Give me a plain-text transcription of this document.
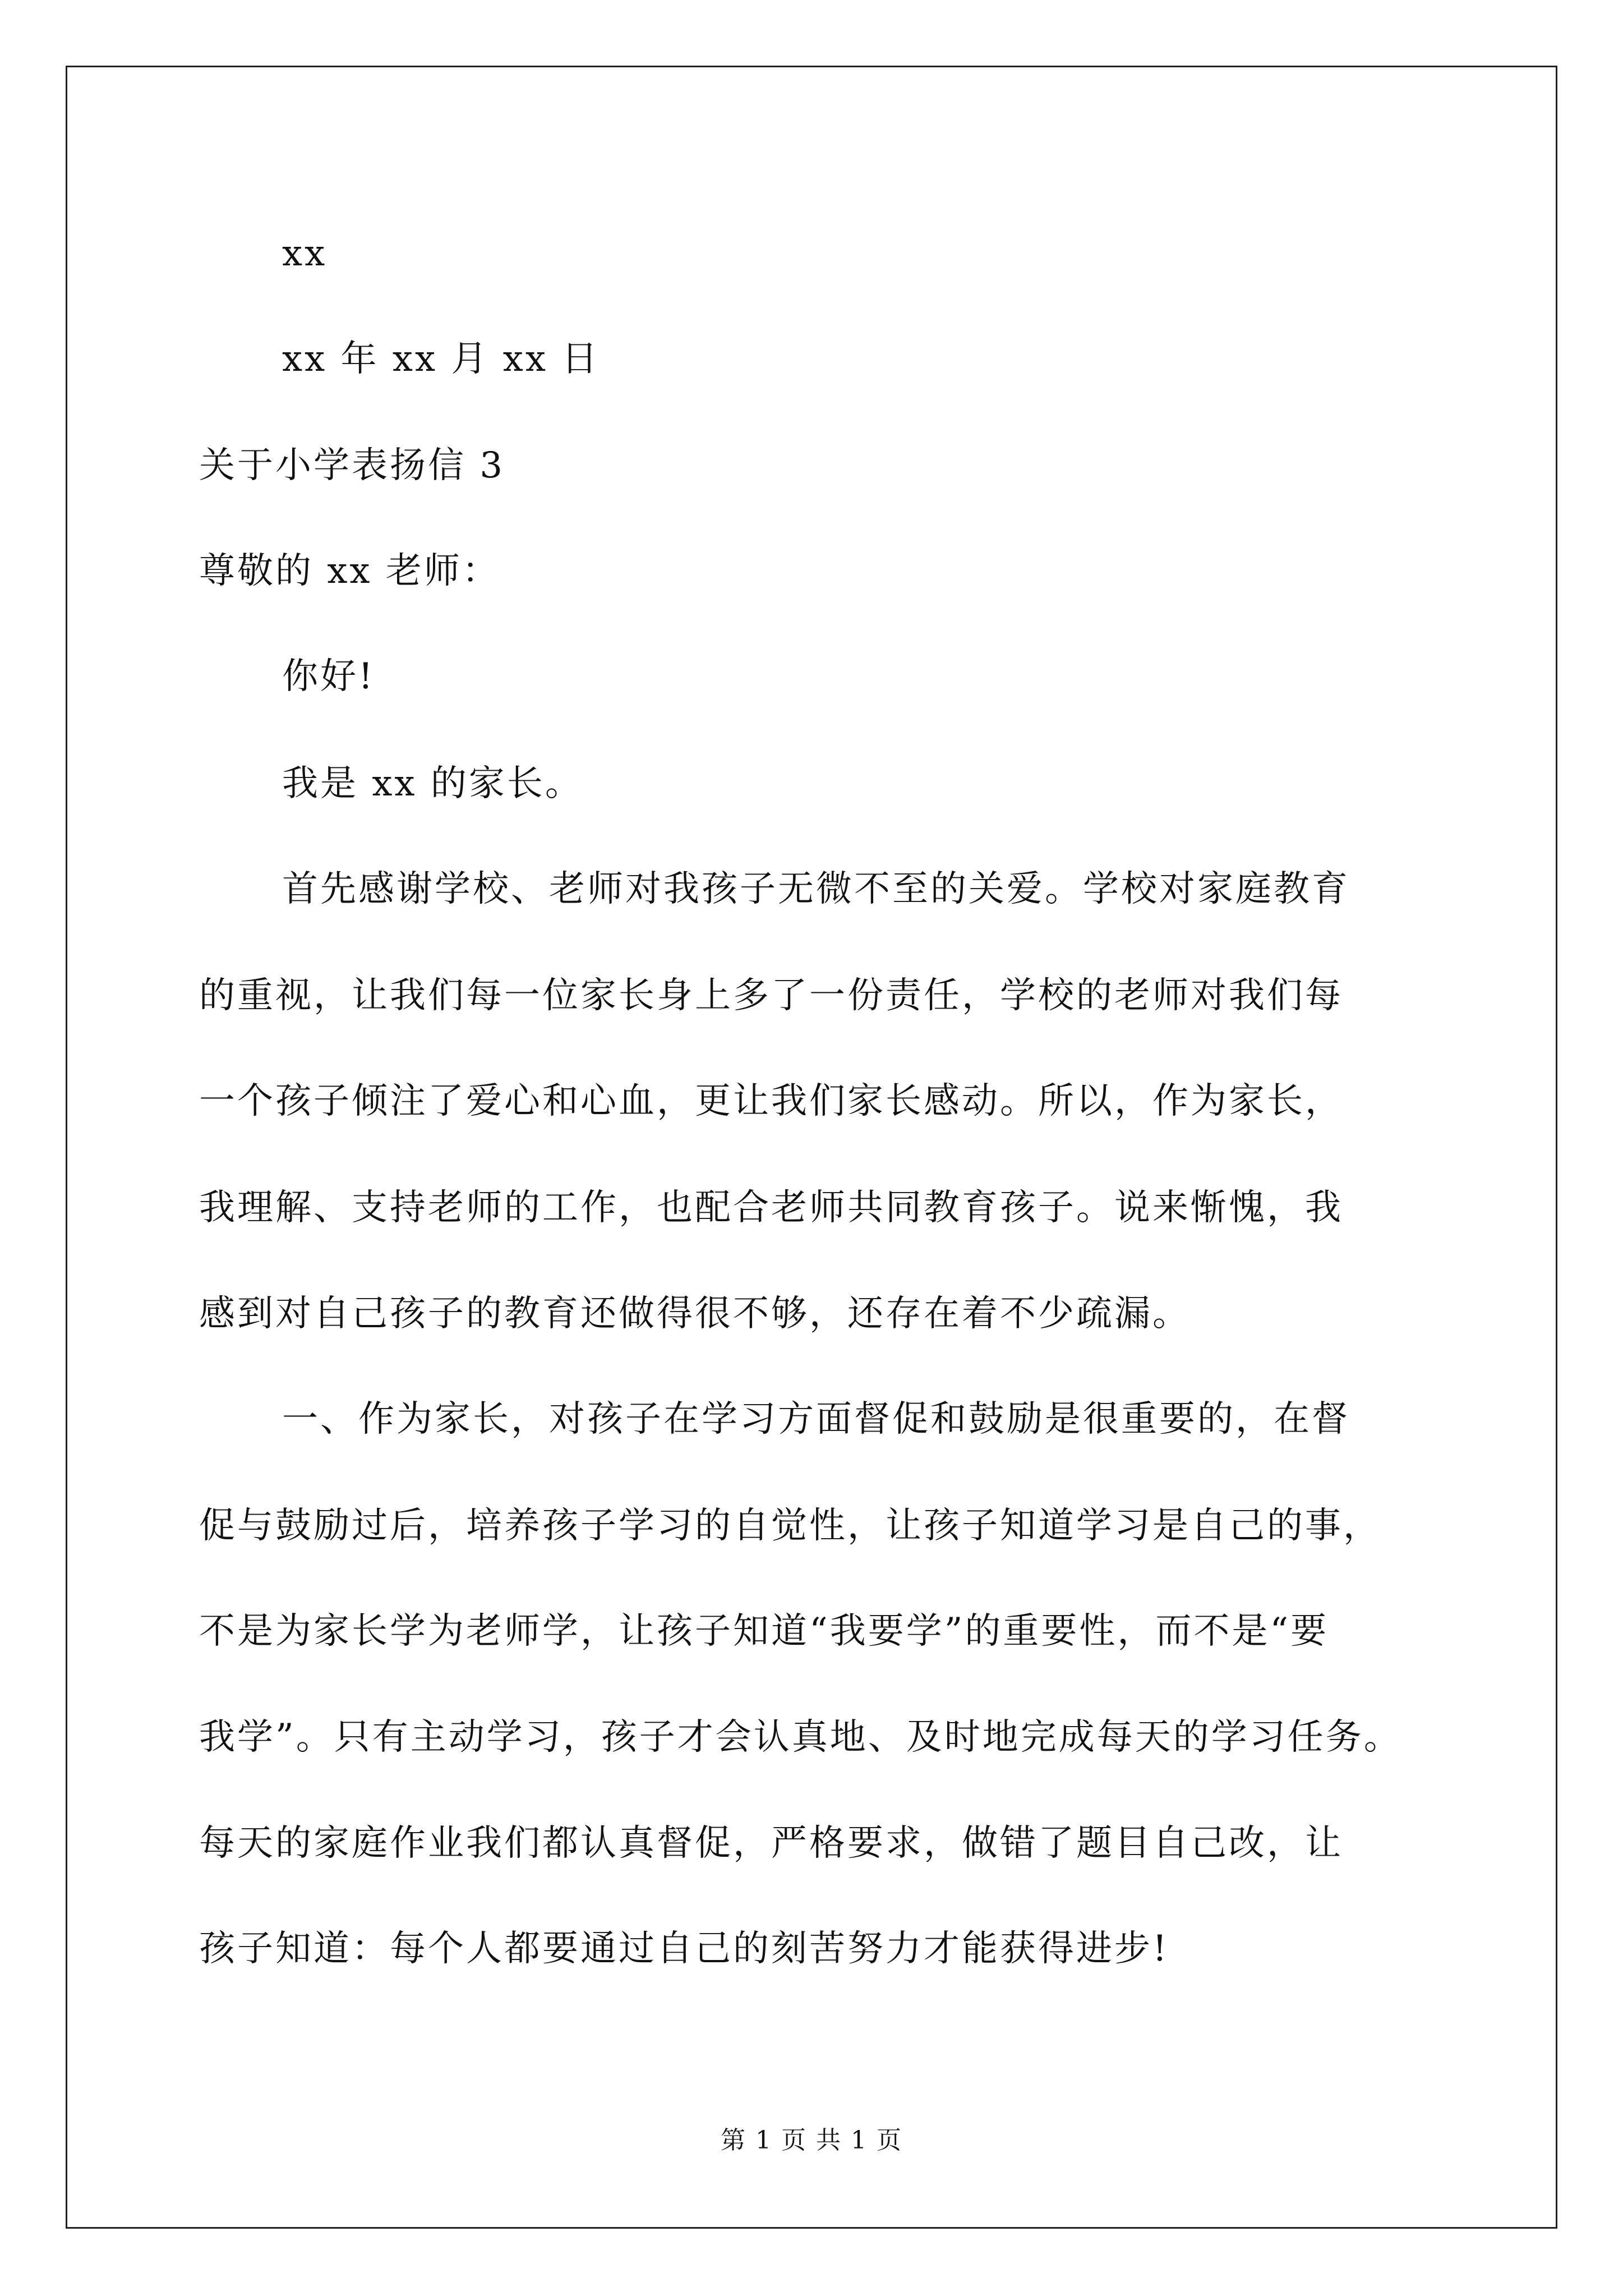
xx
xx 年 xx 月 xx 日
关于小学表扬信 3
尊敬的 xx 老师：
你好!
我是 xx 的家长。
首先感谢学校、老师对我孩子无微不至的关爱。学校对家庭教育
的重视，让我们每一位家长身上多了一份责任，学校的老师对我们每
一个孩子倾注了爱心和心血，更让我们家长感动。所以，作为家长，
我理解、支持老师的工作，也配合老师共同教育孩子。说来惭愧，我
感到对自己孩子的教育还做得很不够，还存在着不少疏漏。
一、作为家长，对孩子在学习方面督促和鼓励是很重要的，在督
促与鼓励过后，培养孩子学习的自觉性，让孩子知道学习是自己的事，
不是为家长学为老师学，让孩子知道“我要学”的重要性，而不是“要
我学”。只有主动学习，孩子才会认真地、及时地完成每天的学习任务。
每天的家庭作业我们都认真督促，严格要求，做错了题目自己改，让
孩子知道：每个人都要通过自己的刻苦努力才能获得进步!
第 1 页 共 1 页
